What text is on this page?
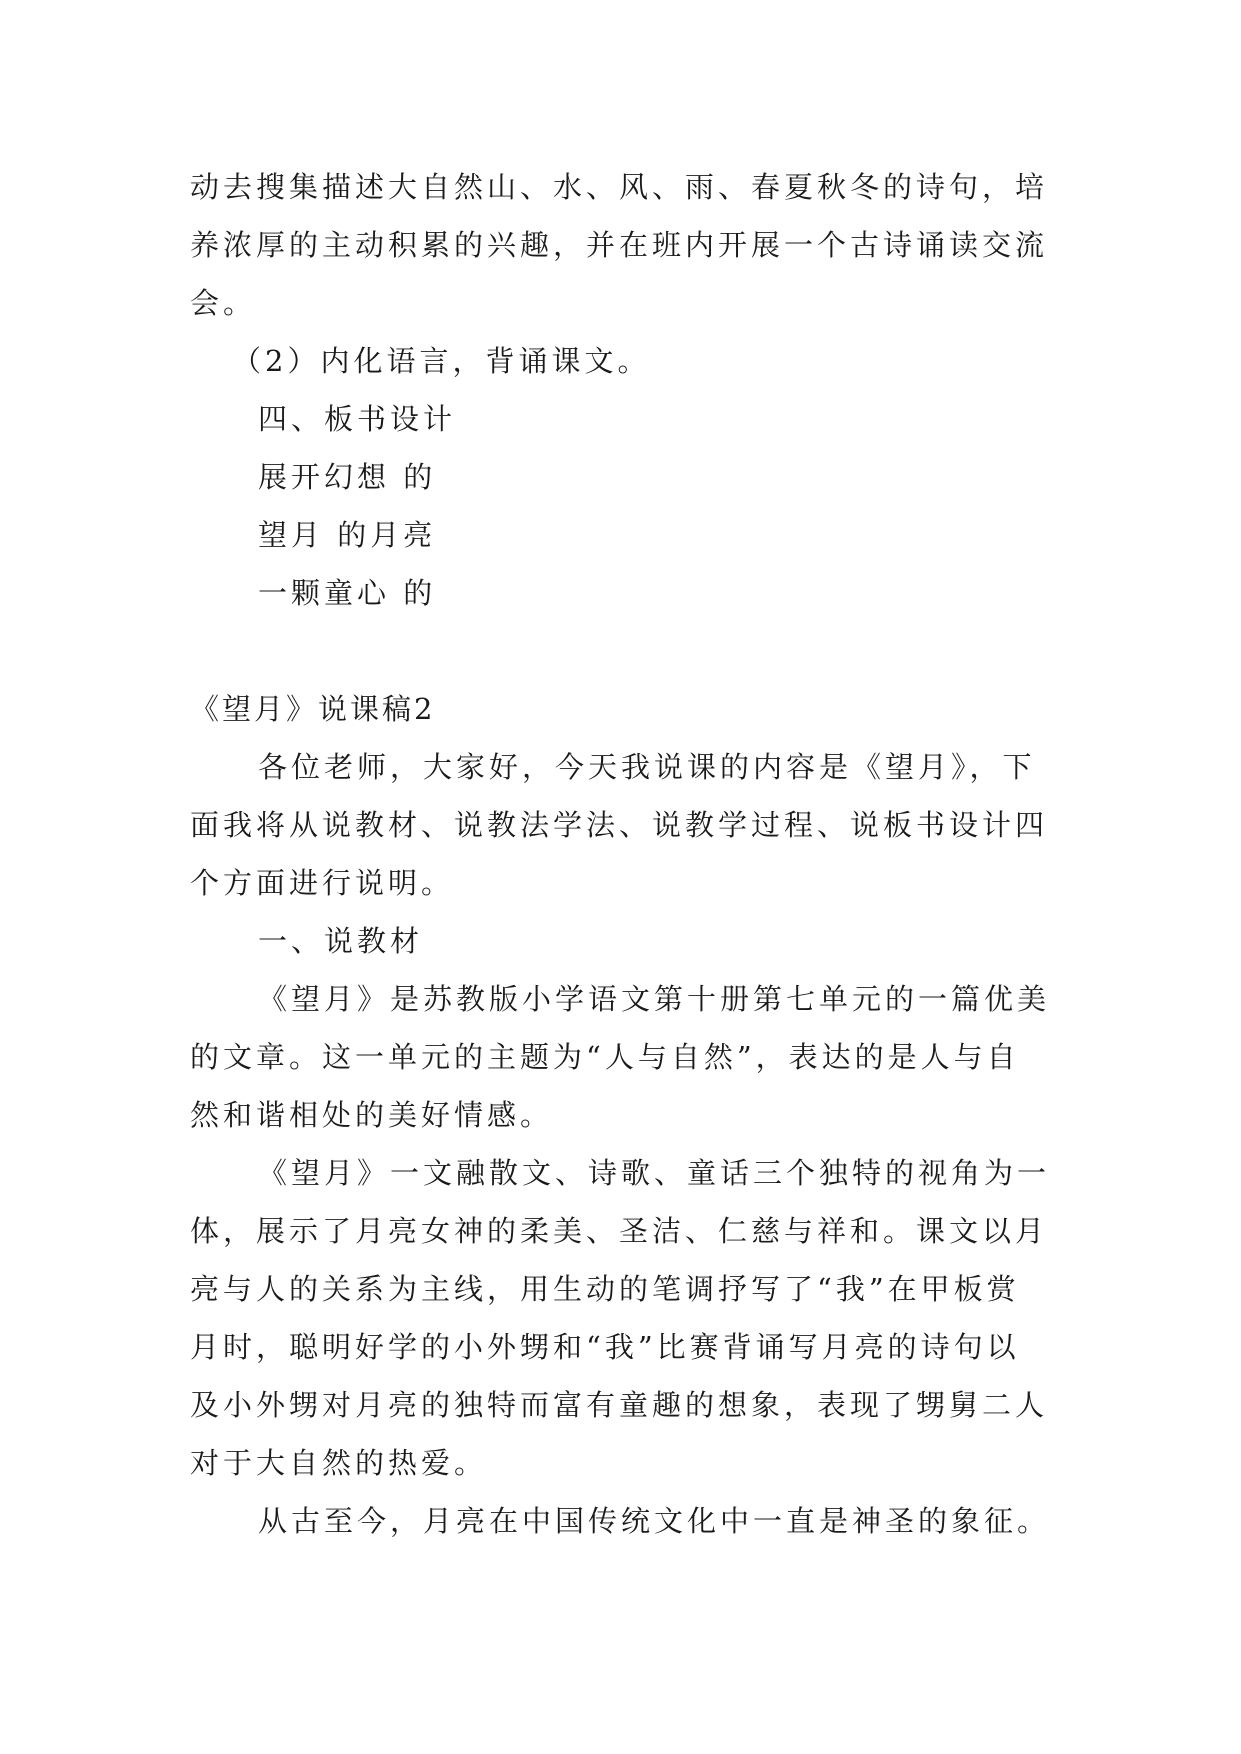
动去搜集描述大自然山、水、风、雨、春夏秋冬的诗句，培
养浓厚的主动积累的兴趣，并在班内开展一个古诗诵读交流
会。
（2）内化语言，背诵课文。
四、板书设计
展开幻想 的
望月 的月亮
一颗童心 的
《望月》说课稿2
各位老师，大家好，今天我说课的内容是《望月》，下
面我将从说教材、说教法学法、说教学过程、说板书设计四
个方面进行说明。
一、说教材
《望月》是苏教版小学语文第十册第七单元的一篇优美
的文章。这一单元的主题为“人与自然”，表达的是人与自
然和谐相处的美好情感。
《望月》一文融散文、诗歌、童话三个独特的视角为一
体，展示了月亮女神的柔美、圣洁、仁慈与祥和。课文以月
亮与人的关系为主线，用生动的笔调抒写了“我”在甲板赏
月时，聪明好学的小外甥和“我”比赛背诵写月亮的诗句以
及小外甥对月亮的独特而富有童趣的想象，表现了甥舅二人
对于大自然的热爱。
从古至今，月亮在中国传统文化中一直是神圣的象征。
